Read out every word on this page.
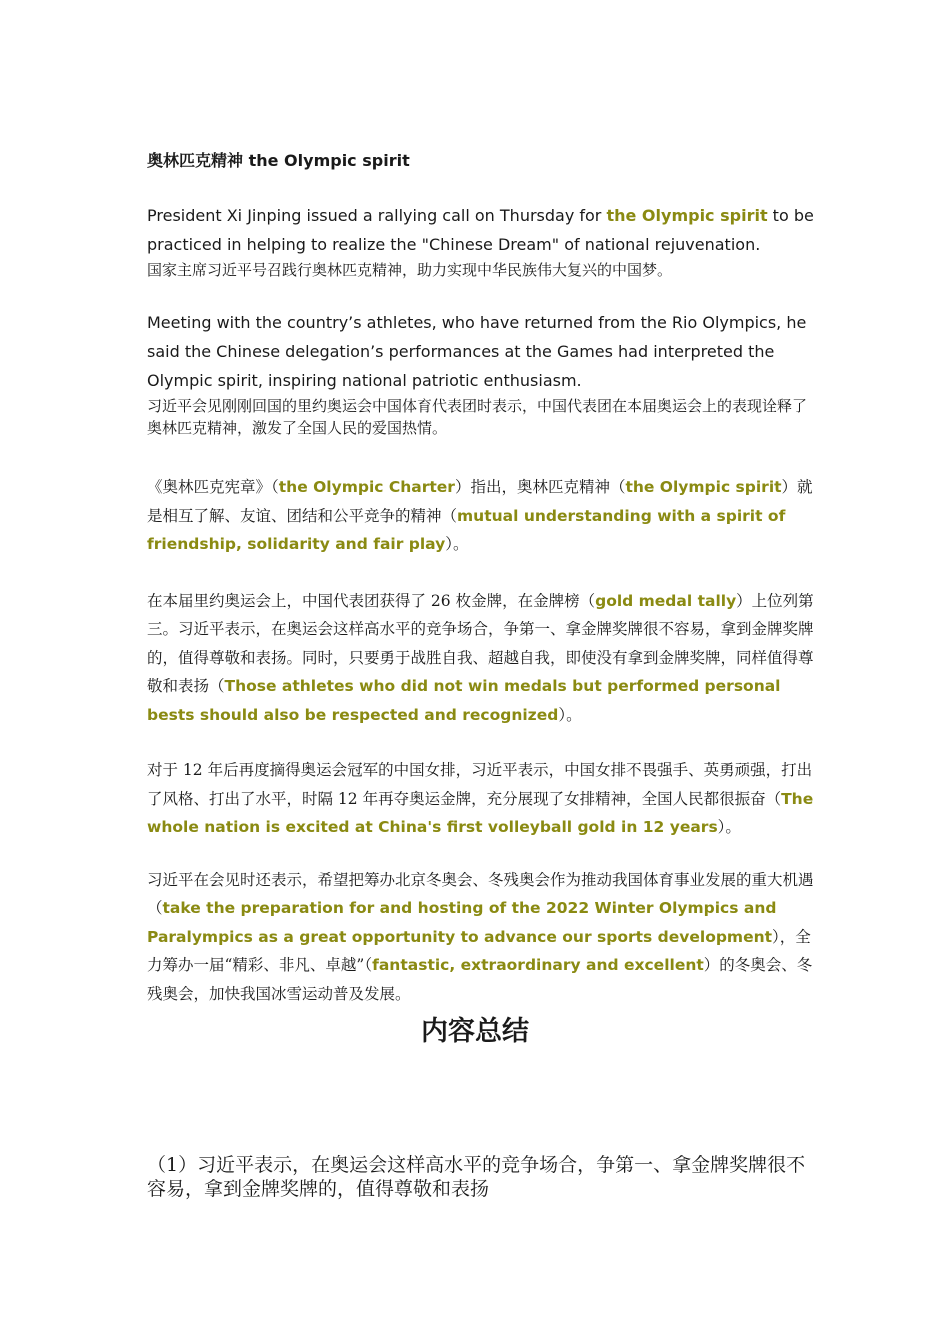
奥林匹克精神 the Olympic spirit

President Xi Jinping issued a rallying call on Thursday for the Olympic spirit to be practiced in helping to realize the "Chinese Dream" of national rejuvenation.

国家主席习近平号召践行奥林匹克精神，助力实现中华民族伟大复兴的中国梦。

Meeting with the country’s athletes, who have returned from the Rio Olympics, he said the Chinese delegation’s performances at the Games had interpreted the Olympic spirit, inspiring national patriotic enthusiasm.

习近平会见刚刚回国的里约奥运会中国体育代表团时表示，中国代表团在本届奥运会上的表现诠释了奥林匹克精神，激发了全国人民的爱国热情。

《奥林匹克宪章》（the Olympic Charter）指出，奥林匹克精神（the Olympic spirit）就是相互了解、友谊、团结和公平竞争的精神（mutual understanding with a spirit of friendship, solidarity and fair play）。

在本届里约奥运会上，中国代表团获得了 26 枚金牌，在金牌榜（gold medal tally）上位列第三。习近平表示，在奥运会这样高水平的竞争场合，争第一、拿金牌奖牌很不容易，拿到金牌奖牌的，值得尊敬和表扬。同时，只要勇于战胜自我、超越自我，即使没有拿到金牌奖牌，同样值得尊敬和表扬（Those athletes who did not win medals but performed personal bests should also be respected and recognized）。

对于 12 年后再度摘得奥运会冠军的中国女排，习近平表示，中国女排不畏强手、英勇顽强，打出了风格、打出了水平，时隔 12 年再夺奥运金牌，充分展现了女排精神，全国人民都很振奋（The whole nation is excited at China's first volleyball gold in 12 years）。

习近平在会见时还表示，希望把筹办北京冬奥会、冬残奥会作为推动我国体育事业发展的重大机遇（take the preparation for and hosting of the 2022 Winter Olympics and Paralympics as a great opportunity to advance our sports development），全力筹办一届“精彩、非凡、卓越”（fantastic, extraordinary and excellent）的冬奥会、冬残奥会，加快我国冰雪运动普及发展。

内容总结

（1）习近平表示，在奥运会这样高水平的竞争场合，争第一、拿金牌奖牌很不容易，拿到金牌奖牌的，值得尊敬和表扬
